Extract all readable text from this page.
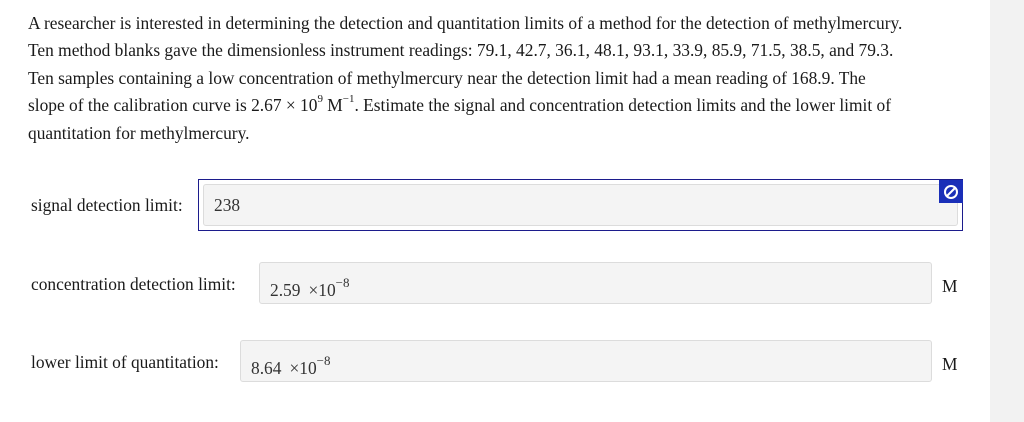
A researcher is interested in determining the detection and quantitation limits of a method for the detection of methylmercury.
Ten method blanks gave the dimensionless instrument readings: 79.1, 42.7, 36.1, 48.1, 93.1, 33.9, 85.9, 71.5, 38.5, and 79.3.
Ten samples containing a low concentration of methylmercury near the detection limit had a mean reading of 168.9. The
slope of the calibration curve is $2.67 \times 10^9$ $M^{-1}$. Estimate the signal and concentration detection limits and the lower limit of
quantitation for methylmercury.
signal detection limit: 238
concentration detection limit: $2.59 \times 10^{-8}$	M
lower limit of quantitation: $8.64 \times 10^{-8}$	M
